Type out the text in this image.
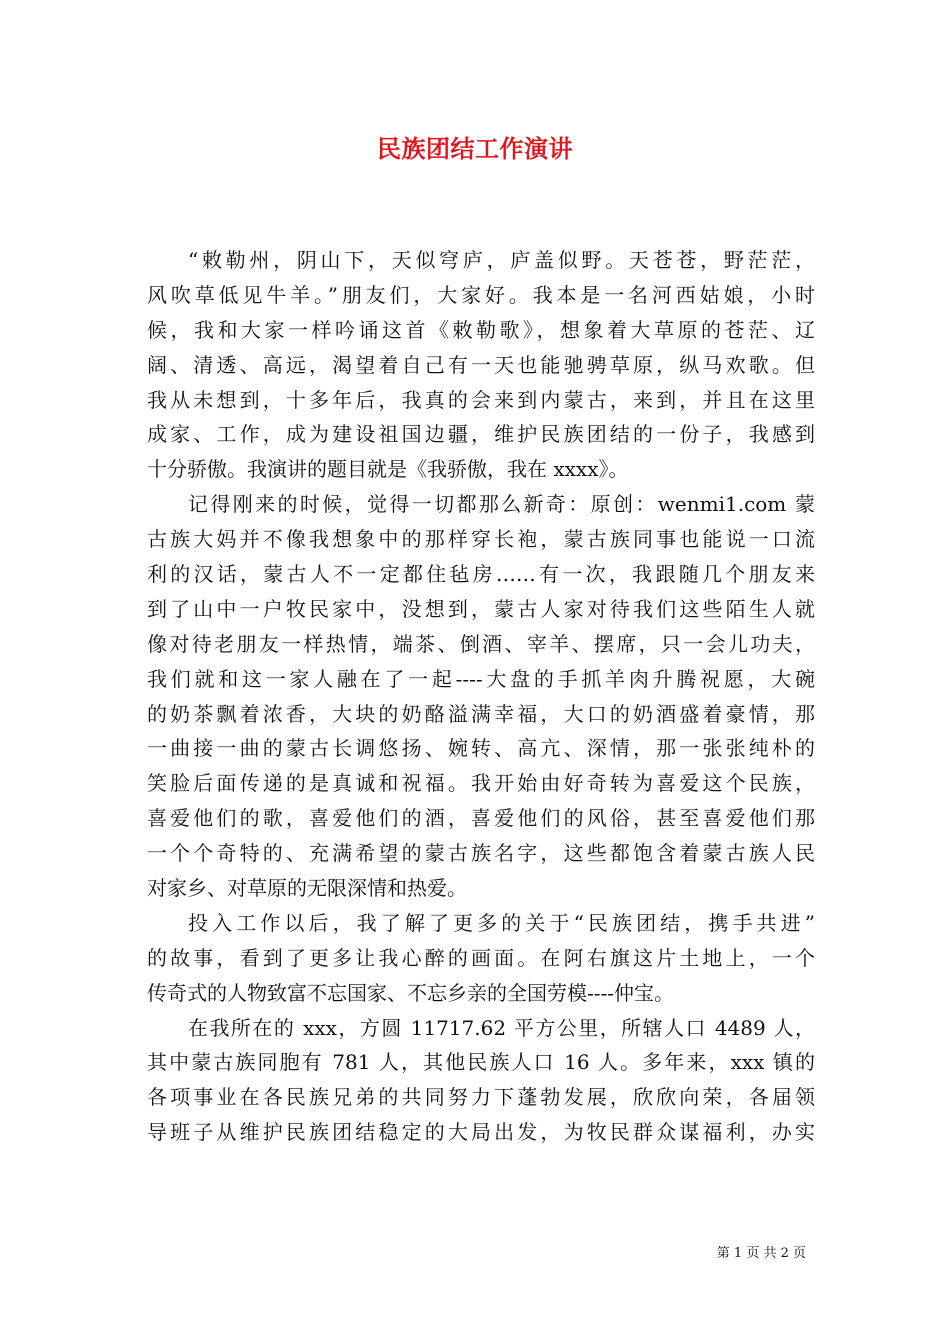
民族团结工作演讲
“敕勒州，阴山下，天似穹庐，庐盖似野。天苍苍，野茫茫，
风吹草低见牛羊。”朋友们，大家好。我本是一名河西姑娘，小时
候，我和大家一样吟诵这首《敕勒歌》，想象着大草原的苍茫、辽
阔、清透、高远，渴望着自己有一天也能驰骋草原，纵马欢歌。但
我从未想到，十多年后，我真的会来到内蒙古，来到，并且在这里
成家、工作，成为建设祖国边疆，维护民族团结的一份子，我感到
十分骄傲。我演讲的题目就是《我骄傲，我在 xxxx》。
记得刚来的时候，觉得一切都那么新奇：原创：wenmi1.com 蒙
古族大妈并不像我想象中的那样穿长袍，蒙古族同事也能说一口流
利的汉话，蒙古人不一定都住毡房……有一次，我跟随几个朋友来
到了山中一户牧民家中，没想到，蒙古人家对待我们这些陌生人就
像对待老朋友一样热情，端茶、倒酒、宰羊、摆席，只一会儿功夫，
我们就和这一家人融在了一起----大盘的手抓羊肉升腾祝愿，大碗
的奶茶飘着浓香，大块的奶酪溢满幸福，大口的奶酒盛着豪情，那
一曲接一曲的蒙古长调悠扬、婉转、高亢、深情，那一张张纯朴的
笑脸后面传递的是真诚和祝福。我开始由好奇转为喜爱这个民族，
喜爱他们的歌，喜爱他们的酒，喜爱他们的风俗，甚至喜爱他们那
一个个奇特的、充满希望的蒙古族名字，这些都饱含着蒙古族人民
对家乡、对草原的无限深情和热爱。
投入工作以后，我了解了更多的关于“民族团结，携手共进”
的故事，看到了更多让我心醉的画面。在阿右旗这片土地上，一个
传奇式的人物致富不忘国家、不忘乡亲的全国劳模----仲宝。
在我所在的 xxx，方圆 11717.62 平方公里，所辖人口 4489 人，
其中蒙古族同胞有 781 人，其他民族人口 16 人。多年来，xxx 镇的
各项事业在各民族兄弟的共同努力下蓬勃发展，欣欣向荣，各届领
导班子从维护民族团结稳定的大局出发，为牧民群众谋福利，办实
第 1 页 共 2 页
